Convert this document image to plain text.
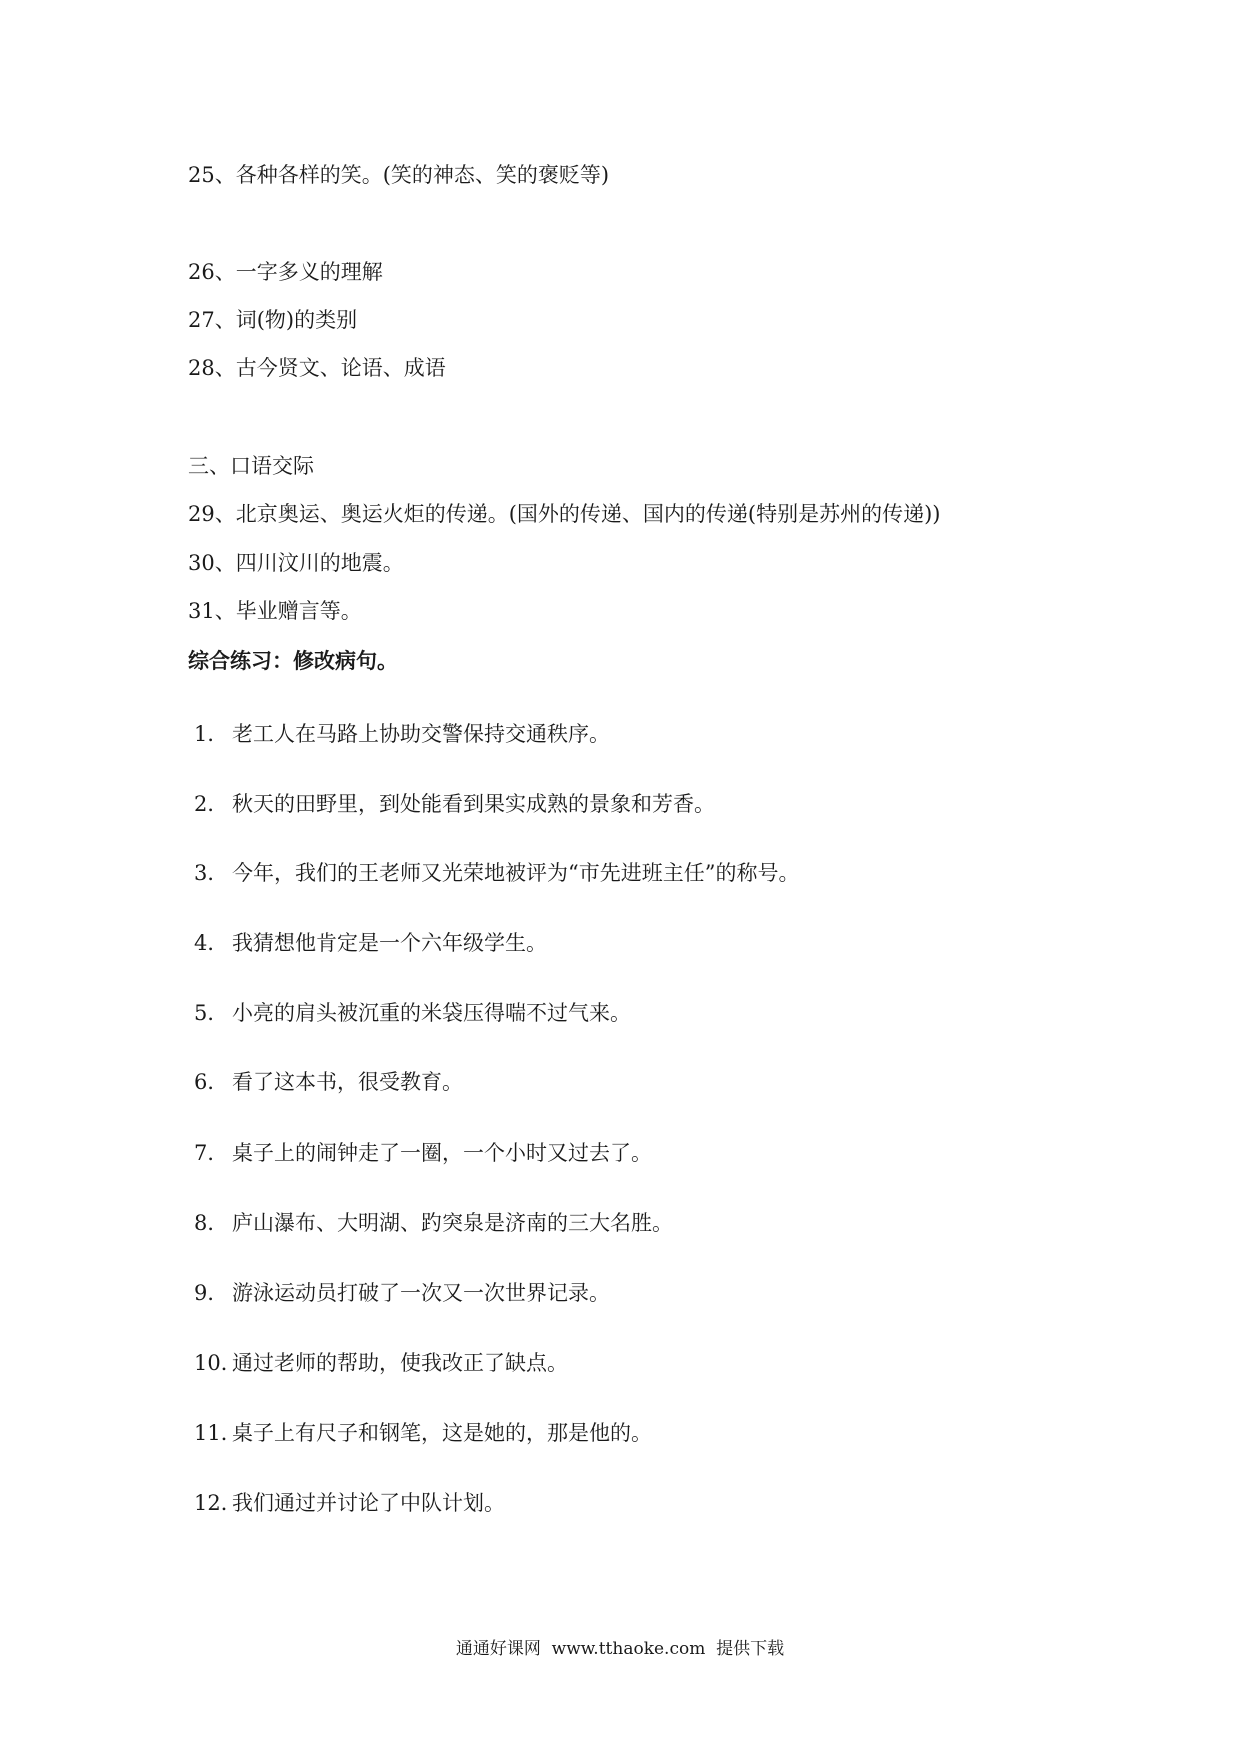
25、各种各样的笑。(笑的神态、笑的褒贬等)
26、一字多义的理解
27、词(物)的类别
28、古今贤文、论语、成语
三、口语交际
29、北京奥运、奥运火炬的传递。(国外的传递、国内的传递(特别是苏州的传递))
30、四川汶川的地震。
31、毕业赠言等。
综合练习：修改病句。
1． 老工人在马路上协助交警保持交通秩序。
2． 秋天的田野里，到处能看到果实成熟的景象和芳香。
3． 今年，我们的王老师又光荣地被评为“市先进班主任”的称号。
4． 我猜想他肯定是一个六年级学生。
5． 小亮的肩头被沉重的米袋压得喘不过气来。
6． 看了这本书，很受教育。
7． 桌子上的闹钟走了一圈，一个小时又过去了。
8． 庐山瀑布、大明湖、趵突泉是济南的三大名胜。
9． 游泳运动员打破了一次又一次世界记录。
10．通过老师的帮助，使我改正了缺点。
11．桌子上有尺子和钢笔，这是她的，那是他的。
12．我们通过并讨论了中队计划。
通通好课网  www.tthaoke.com  提供下载
